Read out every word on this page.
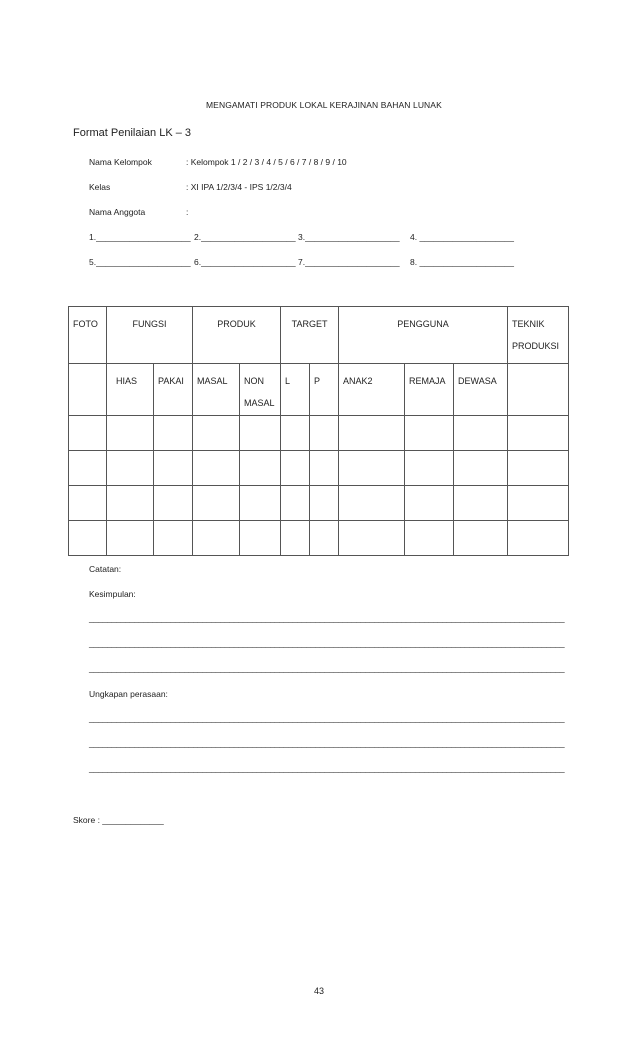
MENGAMATI PRODUK LOKAL KERAJINAN BAHAN LUNAK
Format Penilaian LK – 3
Nama Kelompok	: Kelompok 1 / 2 / 3 / 4 / 5 / 6 / 7 / 8 / 9 / 10
Kelas	: XI IPA 1/2/3/4 - IPS 1/2/3/4
Nama Anggota	:
1.____________________ 2.____________________ 3.____________________ 4. ____________________
5.____________________ 6.____________________ 7.____________________ 8. ____________________
FOTO	FUNGSI		PRODUK		TARGET		PENGGUNA			TEKNIK PRODUKSI
	HIAS	PAKAI	MASAL	NON MASAL	L	P	ANAK2	REMAJA	DEWASA	

Catatan:
Kesimpulan:
_________________________________________________________________________________________________________
_________________________________________________________________________________________________________
_________________________________________________________________________________________________________
Ungkapan perasaan:
_________________________________________________________________________________________________________
_________________________________________________________________________________________________________
_________________________________________________________________________________________________________
Skore : _____________
43
